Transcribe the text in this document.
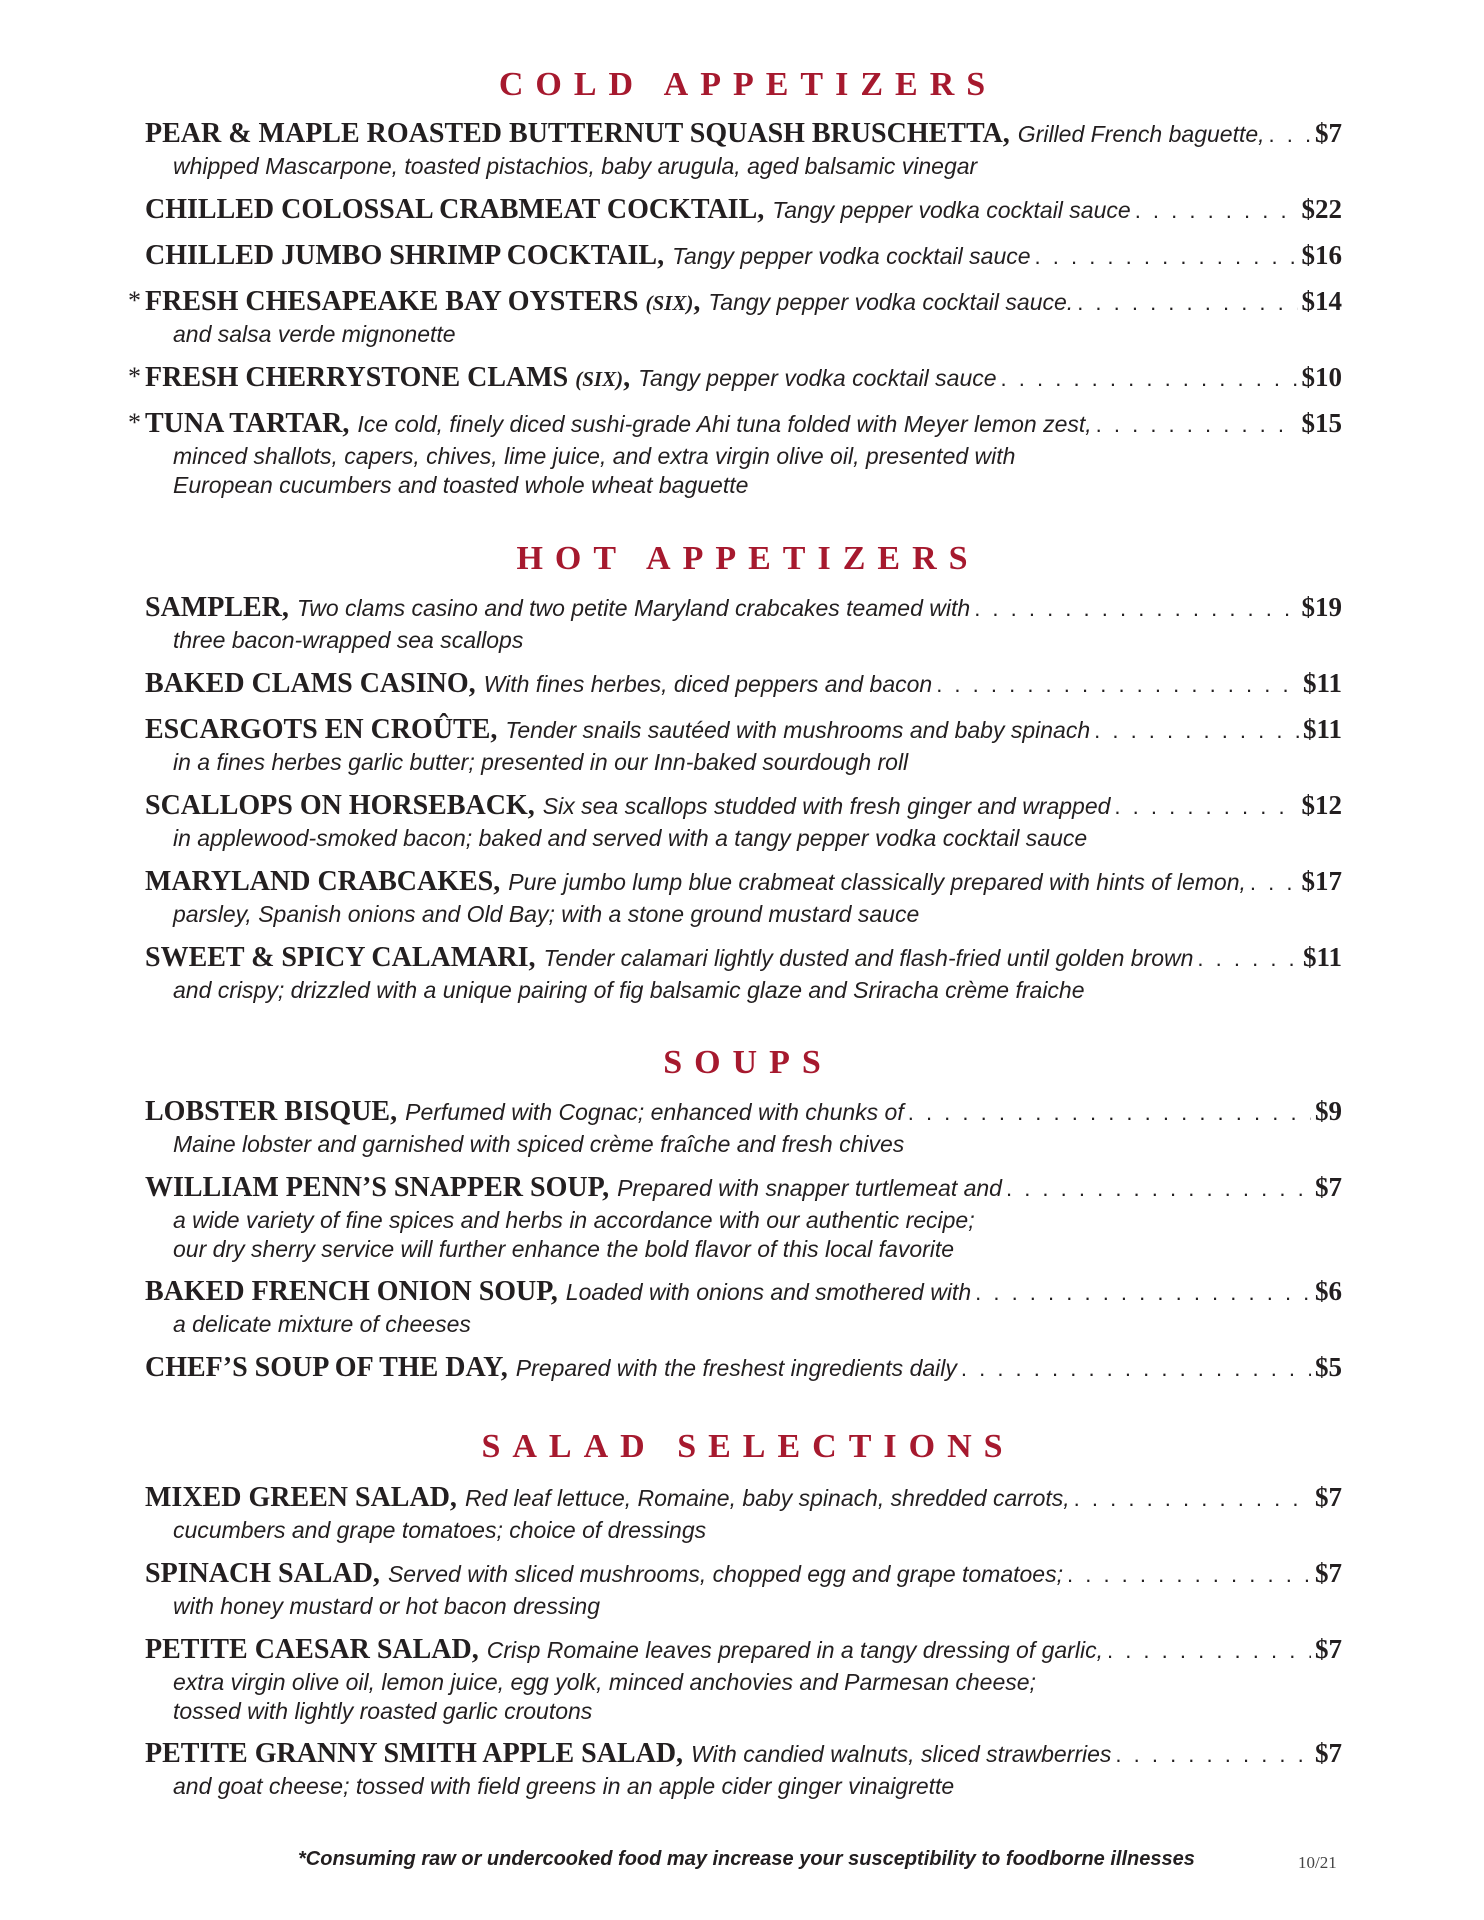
COLD APPETIZERS
PEAR & MAPLE ROASTED BUTTERNUT SQUASH BRUSCHETTA, Grilled French baguette, . . . $7
whipped Mascarpone, toasted pistachios, baby arugula, aged balsamic vinegar
CHILLED COLOSSAL CRABMEAT COCKTAIL, Tangy pepper vodka cocktail sauce . . .	$22
CHILLED JUMBO SHRIMP COCKTAIL, Tangy pepper vodka cocktail sauce . . .	$16
* FRESH CHESAPEAKE BAY OYSTERS (SIX), Tangy pepper vodka cocktail sauce. . . .	$14
and salsa verde mignonette
* FRESH CHERRYSTONE CLAMS (SIX), Tangy pepper vodka cocktail sauce . . .	$10
* TUNA TARTAR, Ice cold, finely diced sushi-grade Ahi tuna folded with Meyer lemon zest, . . .	$15
minced shallots, capers, chives, lime juice, and extra virgin olive oil, presented with
European cucumbers and toasted whole wheat baguette
HOT APPETIZERS
SAMPLER, Two clams casino and two petite Maryland crabcakes teamed with . . .	$19
three bacon-wrapped sea scallops
BAKED CLAMS CASINO, With fines herbes, diced peppers and bacon . . .	$11
ESCARGOTS EN CROÛTE, Tender snails sautéed with mushrooms and baby spinach . . .	$11
in a fines herbes garlic butter; presented in our Inn-baked sourdough roll
SCALLOPS ON HORSEBACK, Six sea scallops studded with fresh ginger and wrapped . . .	$12
in applewood-smoked bacon; baked and served with a tangy pepper vodka cocktail sauce
MARYLAND CRABCAKES, Pure jumbo lump blue crabmeat classically prepared with hints of lemon, . . . $17
parsley, Spanish onions and Old Bay; with a stone ground mustard sauce
SWEET & SPICY CALAMARI, Tender calamari lightly dusted and flash-fried until golden brown . . .	$11
and crispy; drizzled with a unique pairing of fig balsamic glaze and Sriracha crème fraiche
SOUPS
LOBSTER BISQUE, Perfumed with Cognac; enhanced with chunks of . . .	$9
Maine lobster and garnished with spiced crème fraîche and fresh chives
WILLIAM PENN’S SNAPPER SOUP, Prepared with snapper turtlemeat and . . .	$7
a wide variety of fine spices and herbs in accordance with our authentic recipe;
our dry sherry service will further enhance the bold flavor of this local favorite
BAKED FRENCH ONION SOUP, Loaded with onions and smothered with . . .	$6
a delicate mixture of cheeses
CHEF’S SOUP OF THE DAY, Prepared with the freshest ingredients daily . . .	$5
SALAD SELECTIONS
MIXED GREEN SALAD, Red leaf lettuce, Romaine, baby spinach, shredded carrots, . . .	$7
cucumbers and grape tomatoes; choice of dressings
SPINACH SALAD, Served with sliced mushrooms, chopped egg and grape tomatoes; . . .	$7
with honey mustard or hot bacon dressing
PETITE CAESAR SALAD, Crisp Romaine leaves prepared in a tangy dressing of garlic, . . .	$7
extra virgin olive oil, lemon juice, egg yolk, minced anchovies and Parmesan cheese;
tossed with lightly roasted garlic croutons
PETITE GRANNY SMITH APPLE SALAD, With candied walnuts, sliced strawberries . . .	$7
and goat cheese; tossed with field greens in an apple cider ginger vinaigrette
*Consuming raw or undercooked food may increase your susceptibility to foodborne illnesses	10/21
